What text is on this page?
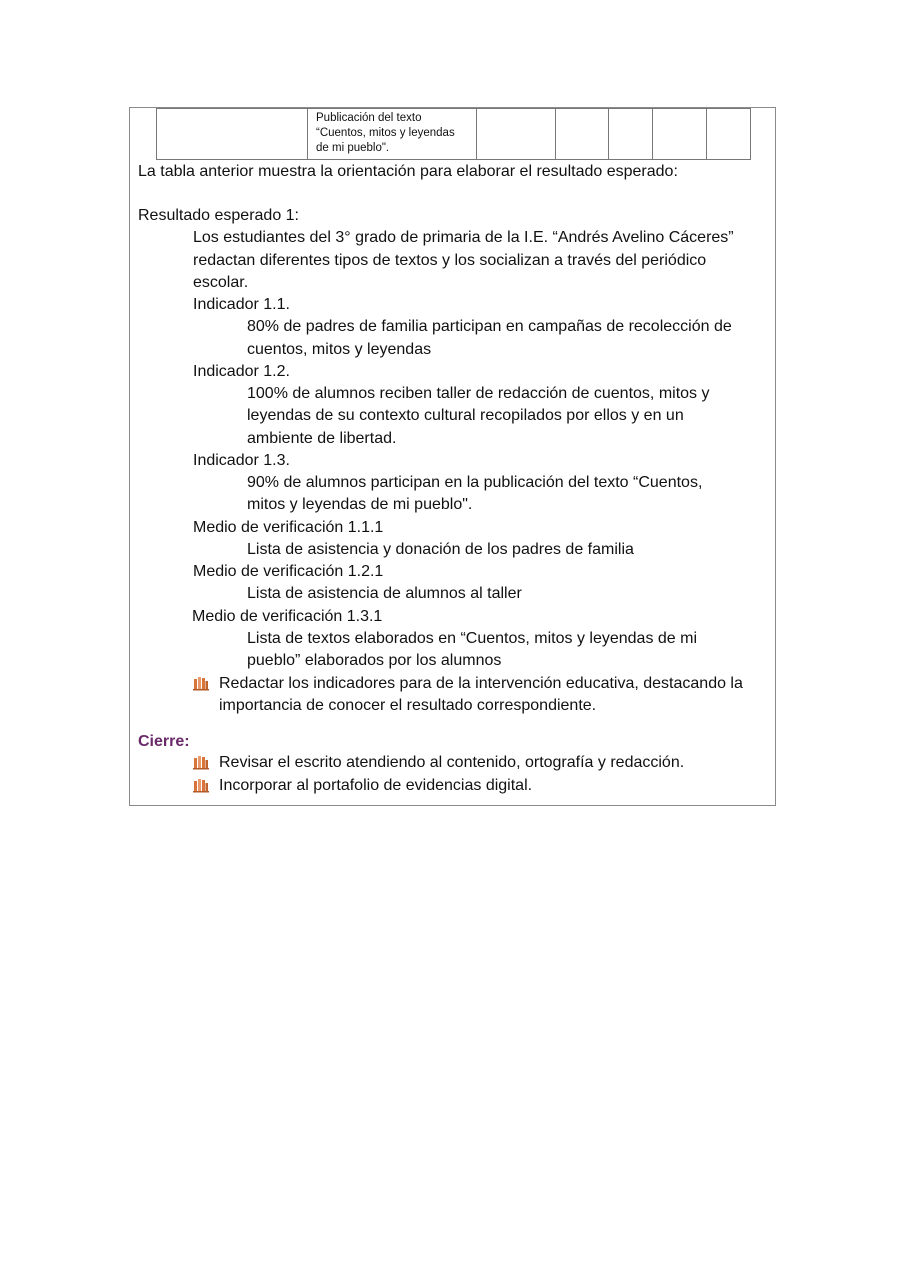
	Publicación del texto “Cuentos, mitos y leyendas de mi pueblo".					
La tabla anterior muestra la orientación para elaborar el resultado esperado:
Resultado esperado 1:
Los estudiantes del 3° grado de primaria de la I.E. “Andrés Avelino Cáceres”
redactan diferentes tipos de textos y los socializan a través del periódico
escolar.
Indicador 1.1.
80% de padres de familia participan en campañas de recolección de
cuentos, mitos y leyendas
Indicador 1.2.
100% de alumnos reciben taller de redacción de cuentos, mitos y
leyendas de su contexto cultural recopilados por ellos y en un
ambiente de libertad.
Indicador 1.3.
90% de alumnos participan en la publicación del texto “Cuentos,
mitos y leyendas de mi pueblo".
Medio de verificación 1.1.1
Lista de asistencia y donación de los padres de familia
Medio de verificación 1.2.1
Lista de asistencia de alumnos al taller
Medio de verificación 1.3.1
Lista de textos elaborados en “Cuentos, mitos y leyendas de mi
pueblo” elaborados por los alumnos
Redactar los indicadores para de la intervención educativa, destacando la
importancia de conocer el resultado correspondiente.
Cierre:
Revisar el escrito atendiendo al contenido, ortografía y redacción.
Incorporar al portafolio de evidencias digital.
